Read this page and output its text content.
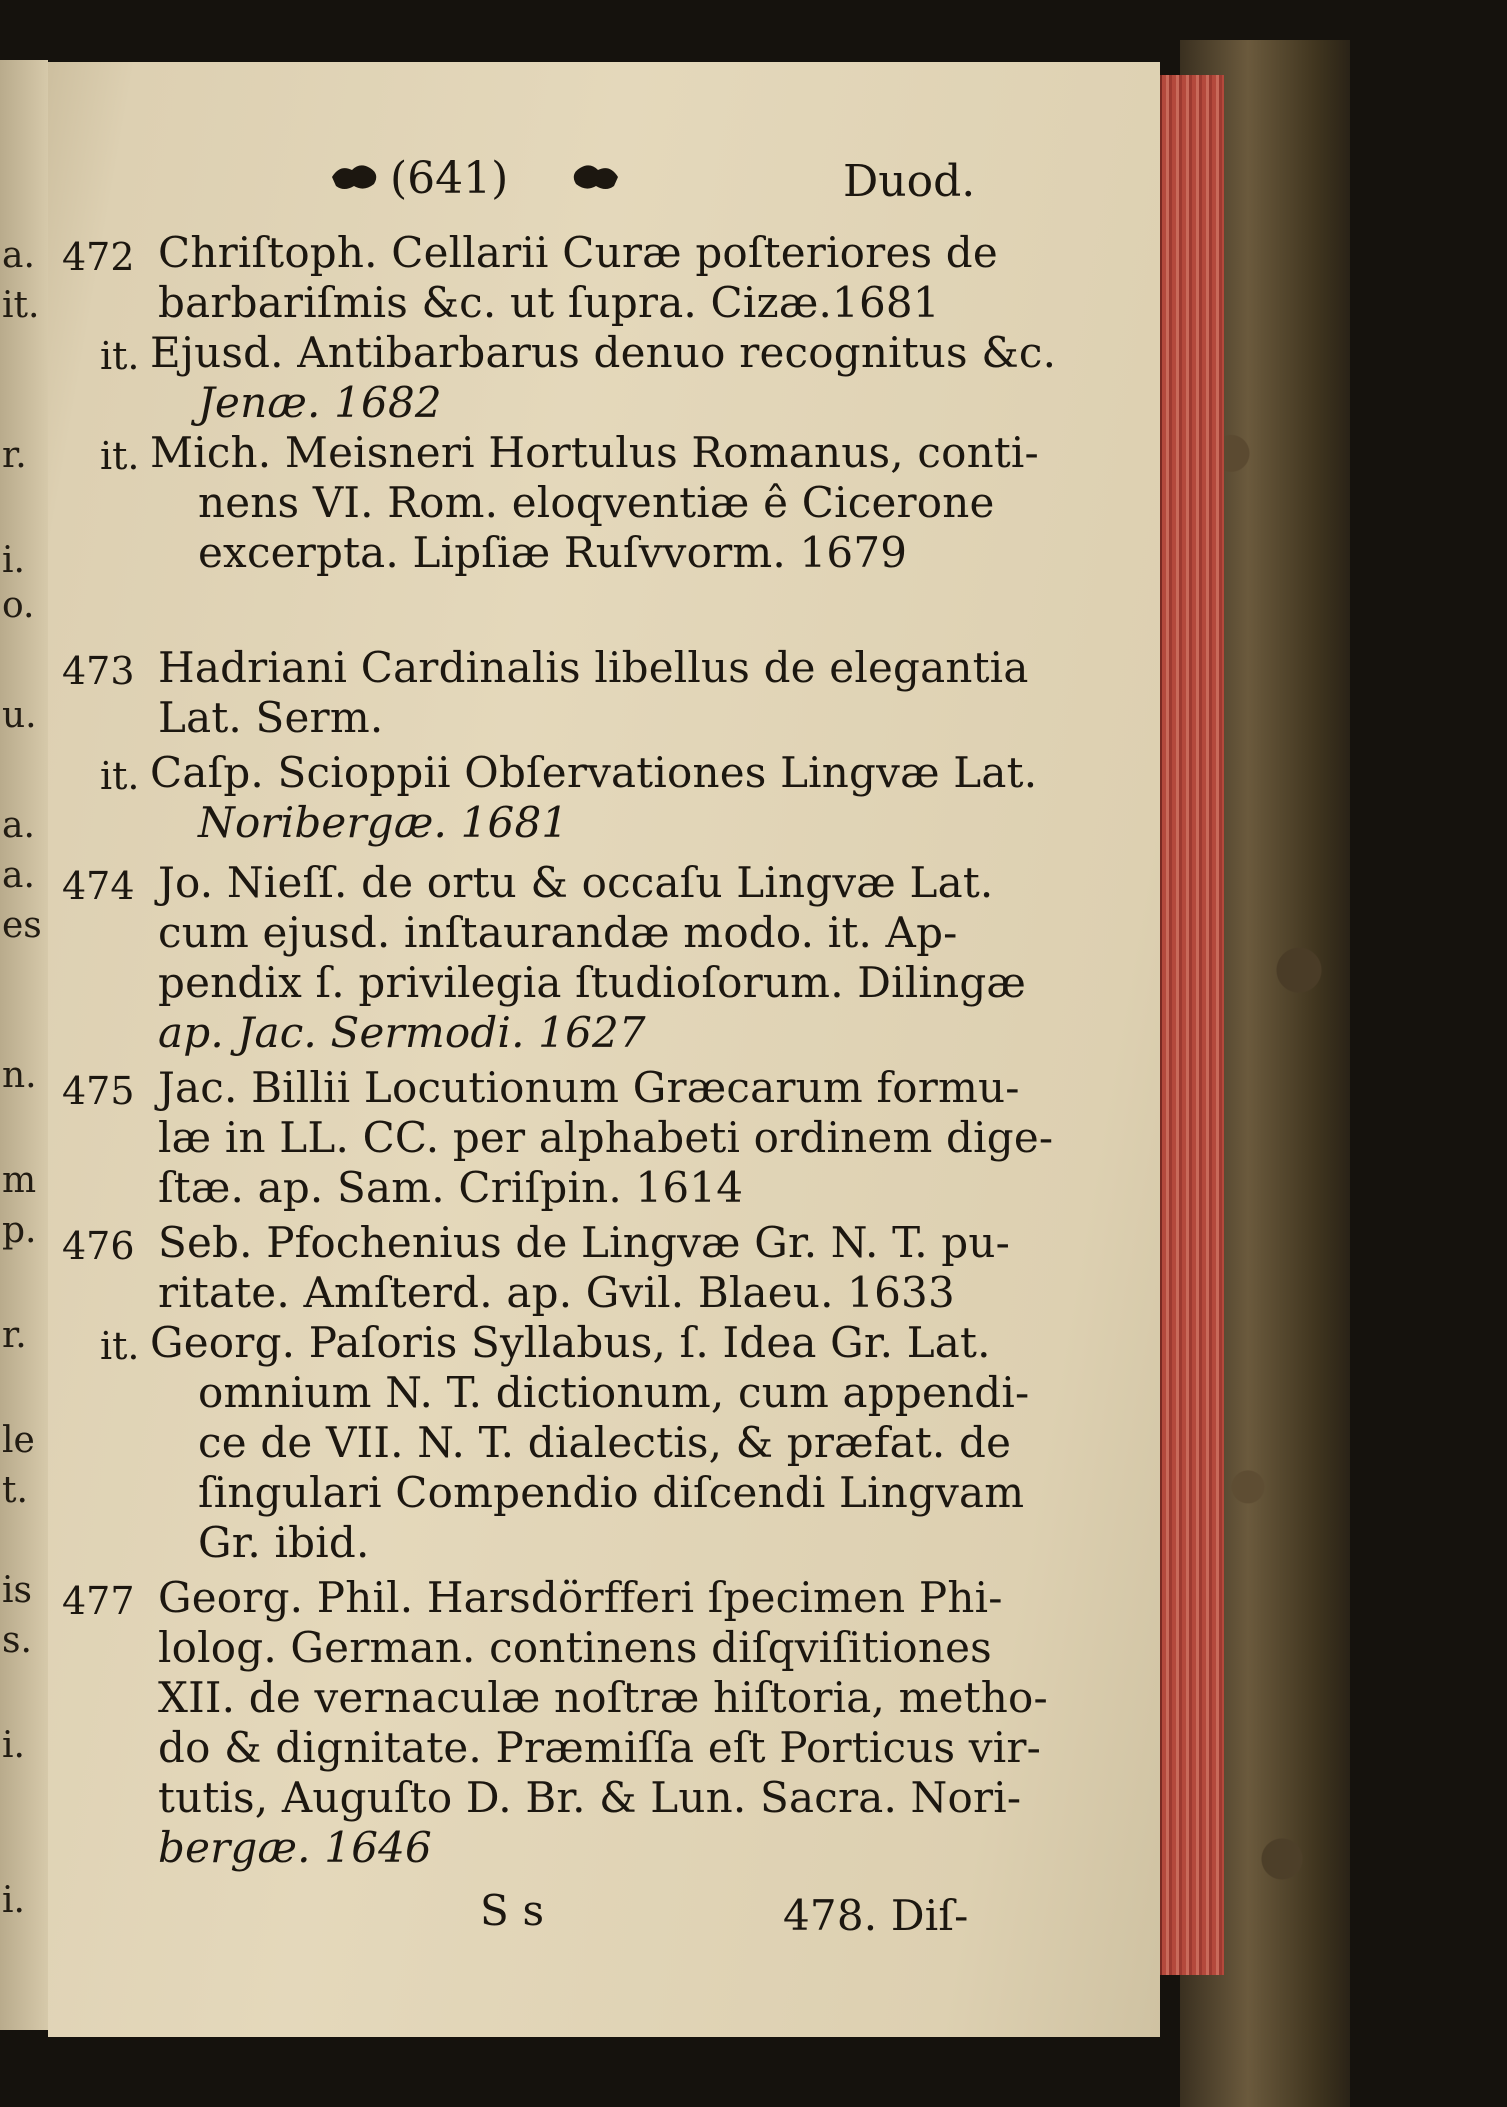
a.
it.
r.
i.
o.
u.
a.
a.
es
n.
m
p.
r.
le
t.
is
s.
i.
i.
(641)	Duod.
472 Chriſtoph. Cellarii Curæ poſteriores de
barbariſmis &c. ut ſupra. Cizæ.1681
it. Ejusd. Antibarbarus denuo recognitus &c.
Jenæ. 1682
it. Mich. Meisneri Hortulus Romanus, conti-
nens VI. Rom. eloqventiæ ê Cicerone
excerpta. Lipſiæ Ruſvvorm. 1679
473 Hadriani Cardinalis libellus de elegantia
Lat. Serm.
it. Caſp. Scioppii Obſervationes Lingvæ Lat.
Noribergæ. 1681
474 Jo. Nieſſ. de ortu & occaſu Lingvæ Lat.
cum ejusd. inſtaurandæ modo. it. Ap-
pendix ſ. privilegia ſtudioſorum. Dilingæ
ap. Jac. Sermodi. 1627
475 Jac. Billii Locutionum Græcarum formu-
læ in LL. CC. per alphabeti ordinem dige-
ſtæ. ap. Sam. Criſpin. 1614
476 Seb. Pfochenius de Lingvæ Gr. N. T. pu-
ritate. Amſterd. ap. Gvil. Blaeu. 1633
it. Georg. Paſoris Syllabus, ſ. Idea Gr. Lat.
omnium N. T. dictionum, cum appendi-
ce de VII. N. T. dialectis, & præfat. de
ſingulari Compendio diſcendi Lingvam
Gr. ibid.
477 Georg. Phil. Harsdörfferi ſpecimen Phi-
lolog. German. continens diſqviſitiones
XII. de vernaculæ noſtræ hiſtoria, metho-
do & dignitate. Præmiſſa eſt Porticus vir-
tutis, Auguſto D. Br. & Lun. Sacra. Nori-
bergæ. 1646
S s	478. Diſ-
